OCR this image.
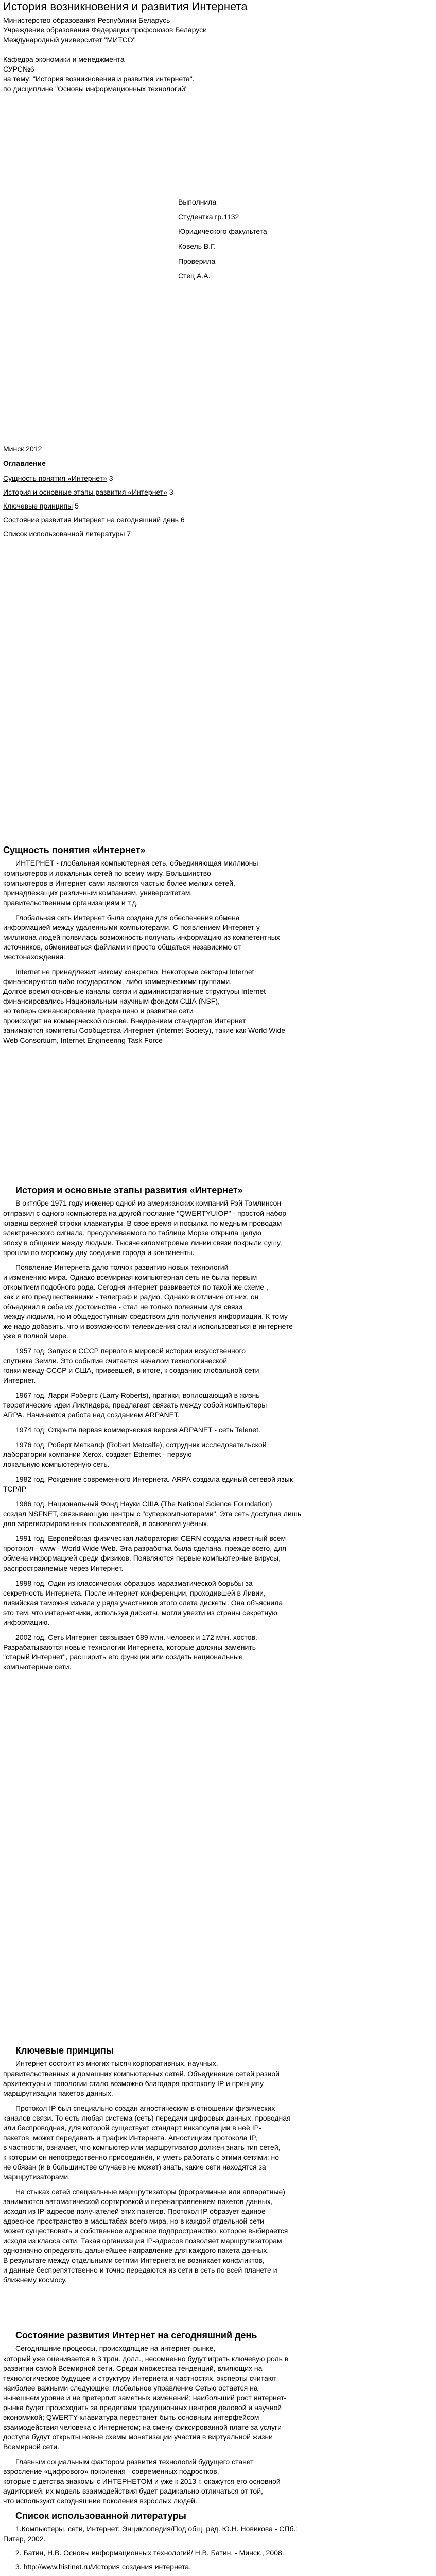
История возникновения и развития Интернета
Министерство образования Республики Беларусь
Учреждение образования Федерации профсоюзов Беларуси
Международный университет "МИТСО"

Кафедра экономики и менеджмента
СУРС№6
на тему: "История возникновения и развития интернета".
по дисциплине "Основы информационных технологий"
Выполнила
Студентка гр.1132
Юридического факультета
Ковель В.Г.
Проверила
Стец А.А.
Минск 2012
Оглавление
Сущность понятия «Интернет» 3
История и основные этапы развития «Интернет» 3
Ключевые принципы 5
Состояние развития Интернет на сегодняшний день 6
Список использованной литературы 7
Сущность понятия «Интернет»

ИНТЕРНЕТ - глобальная компьютерная сеть, объединяющая миллионы
компьютеров и локальных сетей по всему миру. Большинство
компьютеров в Интернет сами являются частью более мелких сетей,
принадлежащих различным компаниям, университетам,
правительственным организациям и т.д.

Глобальная сеть Интернет была создана для обеспечения обмена
информацией между удаленными компьютерами. С появлением Интернет у
миллиона людей появилась возможность получать информацию из компетентных
источников, обмениваться файлами и просто общаться независимо от
местонахождения.

Internet не принадлежит никому конкретно. Некоторые секторы Internet
финансируются либо государством, либо коммерческими группами.
Долгое время основные каналы связи и административные структуры Internet
финансировались Национальным научным фондом США (NSF),
но теперь финансирование прекращено и развитие сети
происходит на коммерческой основе. Внедрением стандартов Интернет
занимаются комитеты Сообщества Интернет (Internet Society), такие как World Wide
Web Consortium, Internet Engineering Task Force

История и основные этапы развития «Интернет»

В октябре 1971 году инженер одной из американских компаний Рэй Томлинсон
отправил с одного компьютера на другой послание "QWERTYUIOP" - простой набор
клавиш верхней строки клавиатуры. В свое время и посылка по медным проводам
электрического сигнала, преодолеваемого по таблице Морзе открыла целую
эпоху в общении между людьми. Тысячекилометровые линии связи покрыли сушу,
прошли по морскому дну соединив города и континенты.

Появление Интернета дало толчок развитию новых технологий
и изменению мира. Однако всемирная компьютерная сеть не была первым
открытием подобного рода. Сегодня интернет развивается по такой же схеме ,
как и его предшественники - телеграф и радио. Однако в отличие от них, он
объединил в себе их достоинства - стал не только полезным для связи
между людьми, но и общедоступным средством для получения информации. К тому
же надо добавить, что и возможности телевидения стали использоваться в интернете
уже в полной мере.

1957 год. Запуск в СССР первого в мировой истории искусственного
спутника Земли. Это событие считается началом технологической
гонки между СССР и США, привевшей, в итоге, к созданию глобальной сети
Интернет.

1967 год. Ларри Робертс (Larry Roberts), пратики, воплощающий в жизнь
теоретические идеи Ликлидера, предлагает связать между собой компьютеры
ARPA. Начинается работа над созданием ARPANET.

1974 год. Открыта первая коммерческая версия ARPANET - сеть Telenet.

1976 год. Роберт Меткалф (Robert Metcalfe), сотрудник исследовательской
лаборатории компании Xerox. создает Ethernet - первую
локальную компьютерную сеть.

1982 год. Рождение современного Интернета. ARPA создала единый сетевой язык
TCP/IP

1986 год. Национальный Фонд Науки США (The National Science Foundation)
создал NSFNET, связывающую центры с "суперкомпьютерами", Эта сеть доступна лишь
для зарегистрированных пользователей, в основном учёных.

1991 год. Европейская физическая лаборатория CERN создала известный всем
протокол - www - World Wide Web. Эта разработка была сделана, прежде всего, для
обмена информацией среди физиков. Появляются первые компьютерные вирусы,
распространяемые через Интернет.

1998 год. Один из классических образцов маразматической борьбы за
секретность Интернета. После интернет-конференции, проходившей в Ливии,
ливийская таможня изъяла у ряда участников этого слета дискеты. Она объяснила
это тем, что интернетчики, используя дискеты, могли увезти из страны секретную
информацию.

2002 год. Сеть Интернет связывает 689 млн. человек и 172 млн. хостов.
Разрабатываются новые технологии Интернета, которые должны заменить
"старый Интернет", расширить его функции или создать национальные
компьютерные сети.

Ключевые принципы

Интернет состоит из многих тысяч корпоративных, научных,
правительственных и домашних компьютерных сетей. Объединение сетей разной
архитектуры и топологии стало возможно благодаря протоколу IP и принципу
маршрутизации пакетов данных.

Протокол IP был специально создан агностическим в отношении физических
каналов связи. То есть любая система (сеть) передачи цифровых данных, проводная
или беспроводная, для которой существует стандарт инкапсуляции в неё IP-
пакетов, может передавать и трафик Интернета. Агностицизм протокола IP,
в частности, означает, что компьютер или маршрутизатор должен знать тип сетей,
к которым он непосредственно присоединён, и уметь работать с этими сетями; но
не обязан (и в большинстве случаев не может) знать, какие сети находятся за
маршрутизаторами.

На стыках сетей специальные маршрутизаторы (программные или аппаратные)
занимаются автоматической сортировкой и перенаправлением пакетов данных,
исходя из IP-адресов получателей этих пакетов. Протокол IP образует единое
адресное пространство в масштабах всего мира, но в каждой отдельной сети
может существовать и собственное адресное подпространство, которое выбирается
исходя из класса сети. Такая организация IP-адресов позволяет маршрутизаторам
однозначно определять дальнейшее направление для каждого пакета данных.
В результате между отдельными сетями Интернета не возникает конфликтов,
и данные беспрепятственно и точно передаются из сети в сеть по всей планете и
ближнему космосу.

Состояние развития Интернет на сегодняшний день

Сегодняшние процессы, происходящие на интернет-рынке,
который уже оценивается в 3 трлн. долл., несомненно будут играть ключевую роль в
развитии самой Всемирной сети. Среди множества тенденций, влияющих на
технологическое будущее и структуру Интернета и частностях, эксперты считают
наиболее важными следующие: глобальное управление Сетью остается на
нынешнем уровне и не претерпит заметных изменений; наибольший рост интернет-
рынка будет происходить за пределами традиционных центров деловой и научной
экономикой; QWERTY-клавиатура перестанет быть основным интерфейсом
взаимодействия человека с Интернетом; на смену фиксированной плате за услуги
доступа будут открыты новые схемы монетизации участия в виртуальной жизни
Всемирной сети.

Главным социальным фактором развития технологий будущего станет
взросление «цифрового» поколения - современных подростков,
которые с детства знакомы с ИНТЕРНЕТОМ и уже к 2013 г. окажутся его основной
аудиторией, их модель взаимодействия будет радикально отличаться от той,
что используют сегодняшние поколения взрослых людей.

Список использованной литературы

1.Компьютеры, сети, Интернет: Энциклопедия/Под общ. ред. Ю.Н. Новикова - СПб.:
Питер, 2002.

2. Батин, Н.В. Основы информационных технологий/ Н.В. Батин, - Минск., 2008.

3. http://www.histinet.ru/История создания интернета.
